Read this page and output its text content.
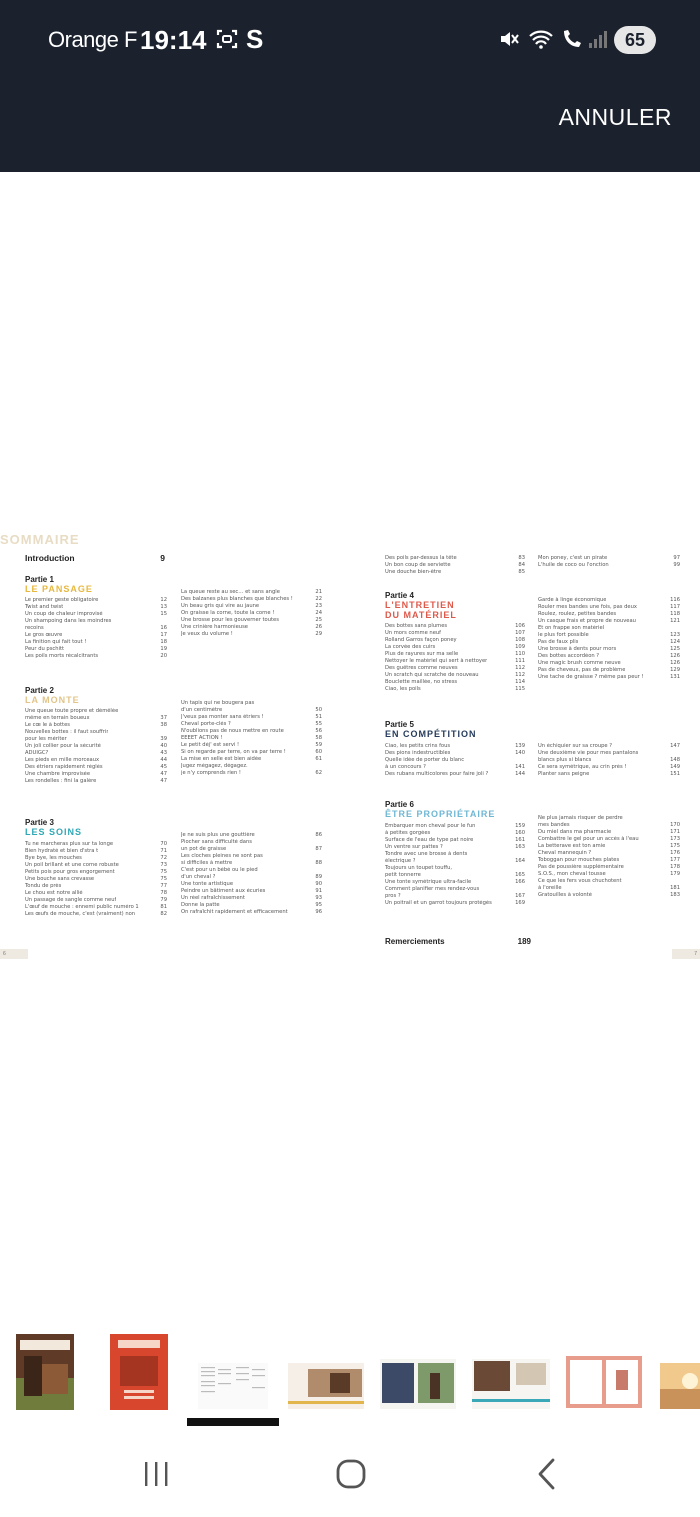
Orange F 19:14 S	65
ANNULER
SOMMAIRE
Introduction	9
Partie 1
LE PANSAGE
Le premier geste obligatoire	12
Twist and twist	13
Un coup de chaleur improvisé	15
Un shampoing dans les moindres
recoins	16
Le gros œuvre	17
La finition qui fait tout !	18
Peur du pschitt	19
Les poils morts récalcitrants	20
La queue reste au sec… et sans angle	21
Des balzanes plus blanches que blanches !	22
Un beau gris qui vire au jaune	23
On graisse la corne, toute la corne !	24
Une brosse pour les gouverner toutes	25
Une crinière harmonieuse	26
Je veux du volume !	29
Partie 2
LA MONTE
Une queue toute propre et démêlée
même en terrain boueux	37
Le cœ le à bottes	38
Nouvelles bottes : il faut souffrir
pour les mériter	39
Un joli collier pour la sécurité	40
ADUIGC?	43
Les pieds en mille morceaux	44
Des étriers rapidement réglés	45
Une chambre improvisée	47
Les rondelles : fini la galère	47
Un tapis qui ne bougera pas
d'un centimètre	50
J'veux pas monter sans étriers !	51
Cheval porte-clés ?	55
N'oublions pas de nous mettre en route	56
EEEET ACTION !	58
Le petit déj' est servi !	59
Si on regarde par terre, on va par terre !	60
La mise en selle est bien aidée	61
Jugez mégagez, dégagez.
je n'y comprends rien !	62
Partie 3
LES SOINS
Tu ne marcheras plus sur ta longe	70
Bien hydraté et bien d'stra t	71
Bye bye, les mouches	72
Un poil brillant et une corne robuste	73
Petits pois pour gros engorgement	75
Une bouche sans crevasse	75
Tondu de près	77
Le chou est notre allié	78
Un passage de sangle comme neuf	79
L'œuf de mouche : ennemi public numéro 1	81
Les œufs de mouche, c'est (vraiment) non	82
Je ne suis plus une gouttière	86
Piocher sans difficulté dans
un pot de graisse	87
Les cloches pleines ne sont pas
si difficiles à mettre	88
C'est pour un bébé ou le pied
d'un cheval ?	89
Une tonte artistique	90
Peindre un bâtiment aux écuries	91
Un réel rafraîchissement	93
Donne la patte	95
On rafraîchit rapidement et efficacement	96
Des poils par-dessus la tête	83
Un bon coup de serviette	84
Une douche bien-être	85
Mon poney, c'est un pirate	97
L'huile de coco ou l'onction	99
Partie 4
L'ENTRETIEN
DU MATÉRIEL
Des bottes sans plumes	106
Un mors comme neuf	107
Rolland Garros façon poney	108
La corvée des cuirs	109
Plus de rayures sur ma selle	110
Nettoyer le matériel qui sert à nettoyer	111
Des guêtres comme neuves	112
Un scratch qui scratche de nouveau	112
Bouclette maillée, no stress	114
Ciao, les poils	115
Garde à linge économique	116
Rouler mes bandes une fois, pas deux	117
Roulez, roulez, petites bandes	118
Un casque frais et propre de nouveau	121
Et on frappe son matériel
le plus fort possible	123
Pas de faux plis	124
Une brosse à dents pour mors	125
Des bottes accordéon ?	126
Une magic brush comme neuve	126
Pas de cheveux, pas de problème	129
Une tache de graisse ? même pas peur !	131
Partie 5
EN COMPÉTITION
Ciao, les petits crins fous	139
Des pions indestructibles	140
Quelle idée de porter du blanc
à un concours ?	141
Des rubans multicolores pour faire joli ?	144
Un échiquier sur sa croupe ?	147
Une deuxième vie pour mes pantalons
blancs plus si blancs	148
Ce sera symétrique, au crin près !	149
Planter sans peigne	151
Partie 6
ÊTRE PROPRIÉTAIRE
Embarquer mon cheval pour le fun	159
à petites gorgées	160
Surface de l'eau de type pat noire	161
Un ventre sur pattes ?	163
Tondre avec une brosse à dents
électrique ?	164
Toujours un toupet touffu,
petit tonnerre	165
Une tonte symétrique ultra-facile	166
Comment planifier mes rendez-vous
pros ?	167
Un poitrail et un garrot toujours protégés	169
Ne plus jamais risquer de perdre
mes bandes	170
Du miel dans ma pharmacie	171
Combattre le gel pour un accès à l'eau	173
La betterave est ton amie	175
Cheval mannequin ?	176
Toboggan pour mouches plates	177
Pas de poussière supplémentaire	178
S.O.S., mon cheval tousse	179
Ce que les fers vous chuchotent
à l'oreille	181
Gratouilles à volonté	183
Remerciements	189
6	7
